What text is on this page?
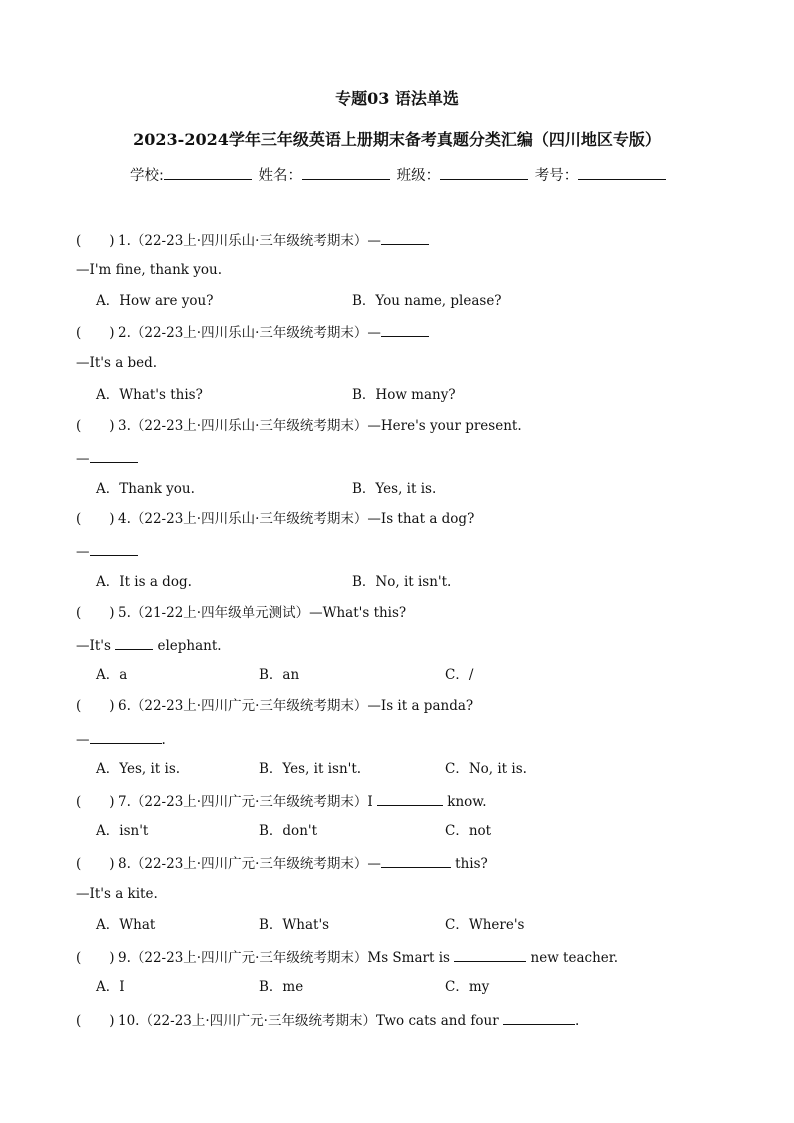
专题03 语法单选
2023-2024学年三年级英语上册期末备考真题分类汇编（四川地区专版）
学校:	姓名：	班级：	考号：
( ) 1.（22-23上·四川乐山·三年级统考期末）—
—I'm fine, thank you.
A．How are you?	B．You name, please?
( ) 2.（22-23上·四川乐山·三年级统考期末）—
—It's a bed.
A．What's this?	B．How many?
( ) 3.（22-23上·四川乐山·三年级统考期末）—Here's your present.
—
A．Thank you.	B．Yes, it is.
( ) 4.（22-23上·四川乐山·三年级统考期末）—Is that a dog?
—
A．It is a dog.	B．No, it isn't.
( ) 5.（21-22上·四年级单元测试）—What's this?
—It's	elephant.
A．a	B．an	C．/
( ) 6.（22-23上·四川广元·三年级统考期末）—Is it a panda?
—	.
A．Yes, it is.	B．Yes, it isn't.	C．No, it is.
( ) 7.（22-23上·四川广元·三年级统考期末）I	know.
A．isn't	B．don't	C．not
( ) 8.（22-23上·四川广元·三年级统考期末）—	this?
—It's a kite.
A．What	B．What's	C．Where's
( ) 9.（22-23上·四川广元·三年级统考期末）Ms Smart is	new teacher.
A．I	B．me	C．my
( ) 10.（22-23上·四川广元·三年级统考期末）Two cats and four	.
